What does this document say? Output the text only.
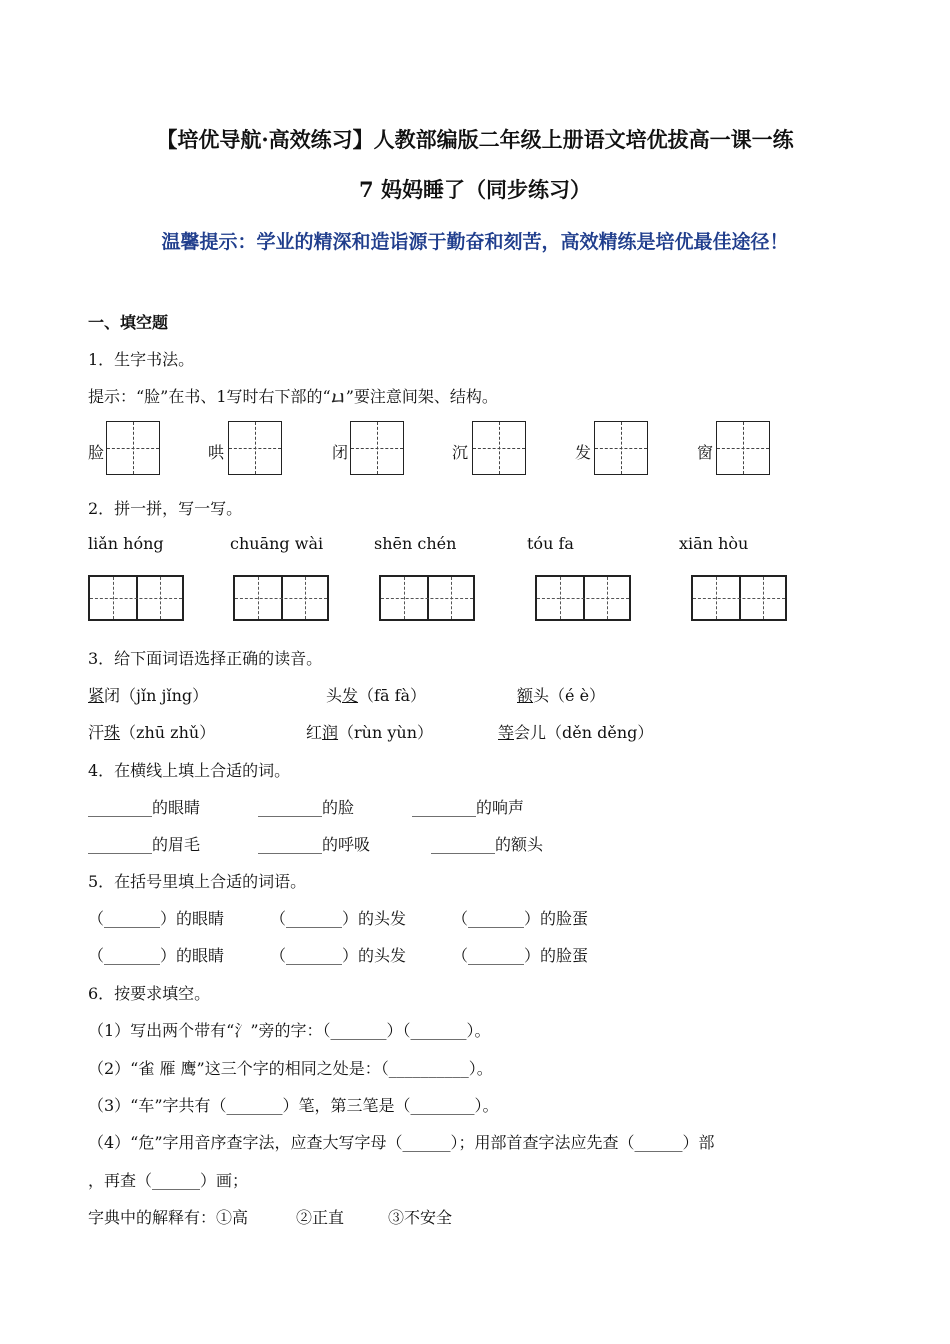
【培优导航·高效练习】人教部编版二年级上册语文培优拔高一课一练
7 妈妈睡了（同步练习）
温馨提示：学业的精深和造诣源于勤奋和刻苦，高效精练是培优最佳途径！
一、填空题
1．生字书法。
提示：“脸”在书、1写时右下部的“ㄩ”要注意间架、结构。
脸	哄	闭	沉	发	窗
2．拼一拼，写一写。
liǎn hóng	chuāng wài	shēn chén	tóu fa	xiān hòu
3．给下面词语选择正确的读音。
紧闭（jǐn jǐng）	头发（fā fà）	额头（é è）
汗珠（zhū zhǔ）	红润（rùn yùn）	等会儿（děn děng）
4．在横线上填上合适的词。
________的眼睛	________的脸	________的响声
________的眉毛	________的呼吸	________的额头
5．在括号里填上合适的词语。
（_______）的眼睛	（_______）的头发	（_______）的脸蛋
（_______）的眼睛	（_______）的头发	（_______）的脸蛋
6．按要求填空。
（1）写出两个带有“氵”旁的字：（_______）（_______）。
（2）“雀 雁 鹰”这三个字的相同之处是：（__________）。
（3）“车”字共有（_______）笔，第三笔是（________）。
（4）“危”字用音序查字法，应查大写字母（______）；用部首查字法应先查（______）部
，再查（______）画；
字典中的解释有：①高	②正直	③不安全
